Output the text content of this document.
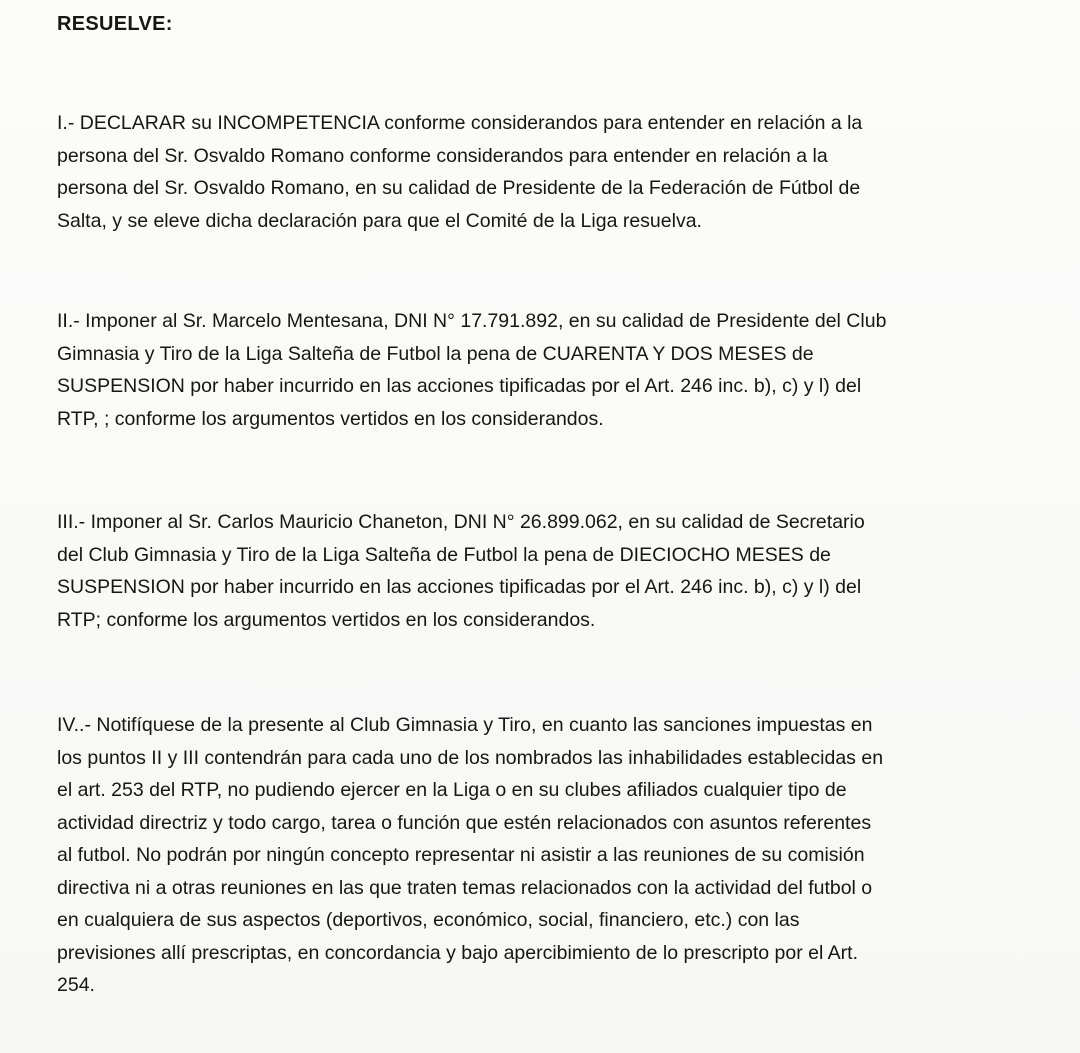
RESUELVE:
I.- DECLARAR su INCOMPETENCIA conforme considerandos para entender en relación a la
persona del Sr. Osvaldo Romano conforme considerandos para entender en relación a la
persona del Sr. Osvaldo Romano, en su calidad de Presidente de la Federación de Fútbol de
Salta, y se eleve dicha declaración para que el Comité de la Liga resuelva.
II.- Imponer al Sr. Marcelo Mentesana, DNI N° 17.791.892, en su calidad de Presidente del Club
Gimnasia y Tiro de la Liga Salteña de Futbol la pena de CUARENTA Y DOS MESES de
SUSPENSION por haber incurrido en las acciones tipificadas por el Art. 246 inc. b), c) y l) del
RTP, ; conforme los argumentos vertidos en los considerandos.
III.- Imponer al Sr. Carlos Mauricio Chaneton, DNI N° 26.899.062, en su calidad de Secretario
del Club Gimnasia y Tiro de la Liga Salteña de Futbol la pena de DIECIOCHO MESES de
SUSPENSION por haber incurrido en las acciones tipificadas por el Art. 246 inc. b), c) y l) del
RTP; conforme los argumentos vertidos en los considerandos.
IV..- Notifíquese de la presente al Club Gimnasia y Tiro, en cuanto las sanciones impuestas en
los puntos II y III contendrán para cada uno de los nombrados las inhabilidades establecidas en
el art. 253 del RTP, no pudiendo ejercer en la Liga o en su clubes afiliados cualquier tipo de
actividad directriz y todo cargo, tarea o función que estén relacionados con asuntos referentes
al futbol. No podrán por ningún concepto representar ni asistir a las reuniones de su comisión
directiva ni a otras reuniones en las que traten temas relacionados con la actividad del futbol o
en cualquiera de sus aspectos (deportivos, económico, social, financiero, etc.) con las
previsiones allí prescriptas, en concordancia y bajo apercibimiento de lo prescripto por el Art.
254.
